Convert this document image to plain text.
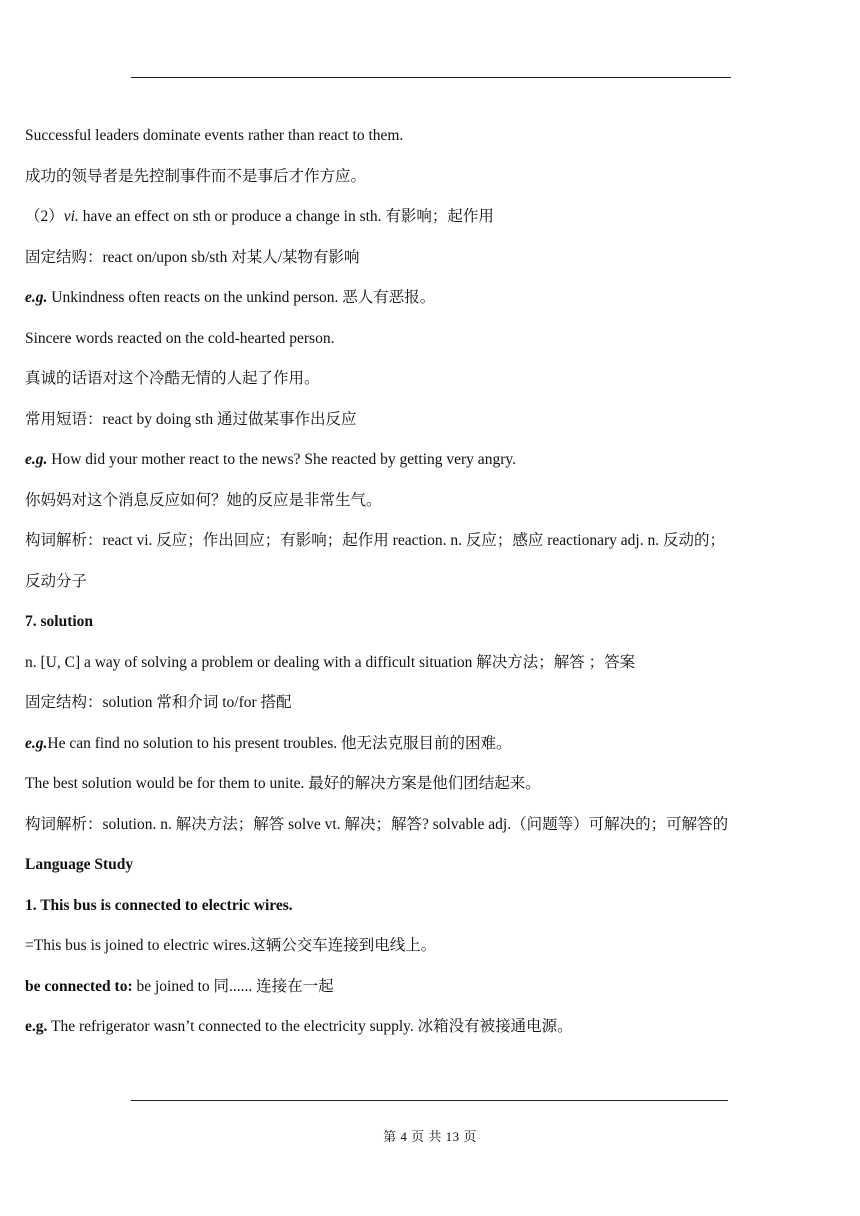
Successful leaders dominate events rather than react to them.
成功的领导者是先控制事件而不是事后才作方应。
（2）vi. have an effect on sth or produce a change in sth. 有影响；起作用
固定结购：react on/upon sb/sth 对某人/某物有影响
e.g. Unkindness often reacts on the unkind person. 恶人有恶报。
Sincere words reacted on the cold-hearted person.
真诚的话语对这个冷酷无情的人起了作用。
常用短语：react by doing sth 通过做某事作出反应
e.g. How did your mother react to the news? She reacted by getting very angry.
你妈妈对这个消息反应如何？她的反应是非常生气。
构词解析：react vi. 反应；作出回应；有影响；起作用 reaction. n. 反应；感应 reactionary adj. n. 反动的；
反动分子
7. solution
n. [U, C] a way of solving a problem or dealing with a difficult situation 解决方法；解答 ；答案
固定结构：solution 常和介词 to/for 搭配
e.g.He can find no solution to his present troubles. 他无法克服目前的困难。
The best solution would be for them to unite. 最好的解决方案是他们团结起来。
构词解析：solution. n. 解决方法；解答 solve vt. 解决；解答? solvable adj.（问题等）可解决的；可解答的
Language Study
1. This bus is connected to electric wires.
=This bus is joined to electric wires.这辆公交车连接到电线上。
be connected to: be joined to 同...... 连接在一起
e.g. The refrigerator wasn’t connected to the electricity supply. 冰箱没有被接通电源。
第 4 页 共 13 页
